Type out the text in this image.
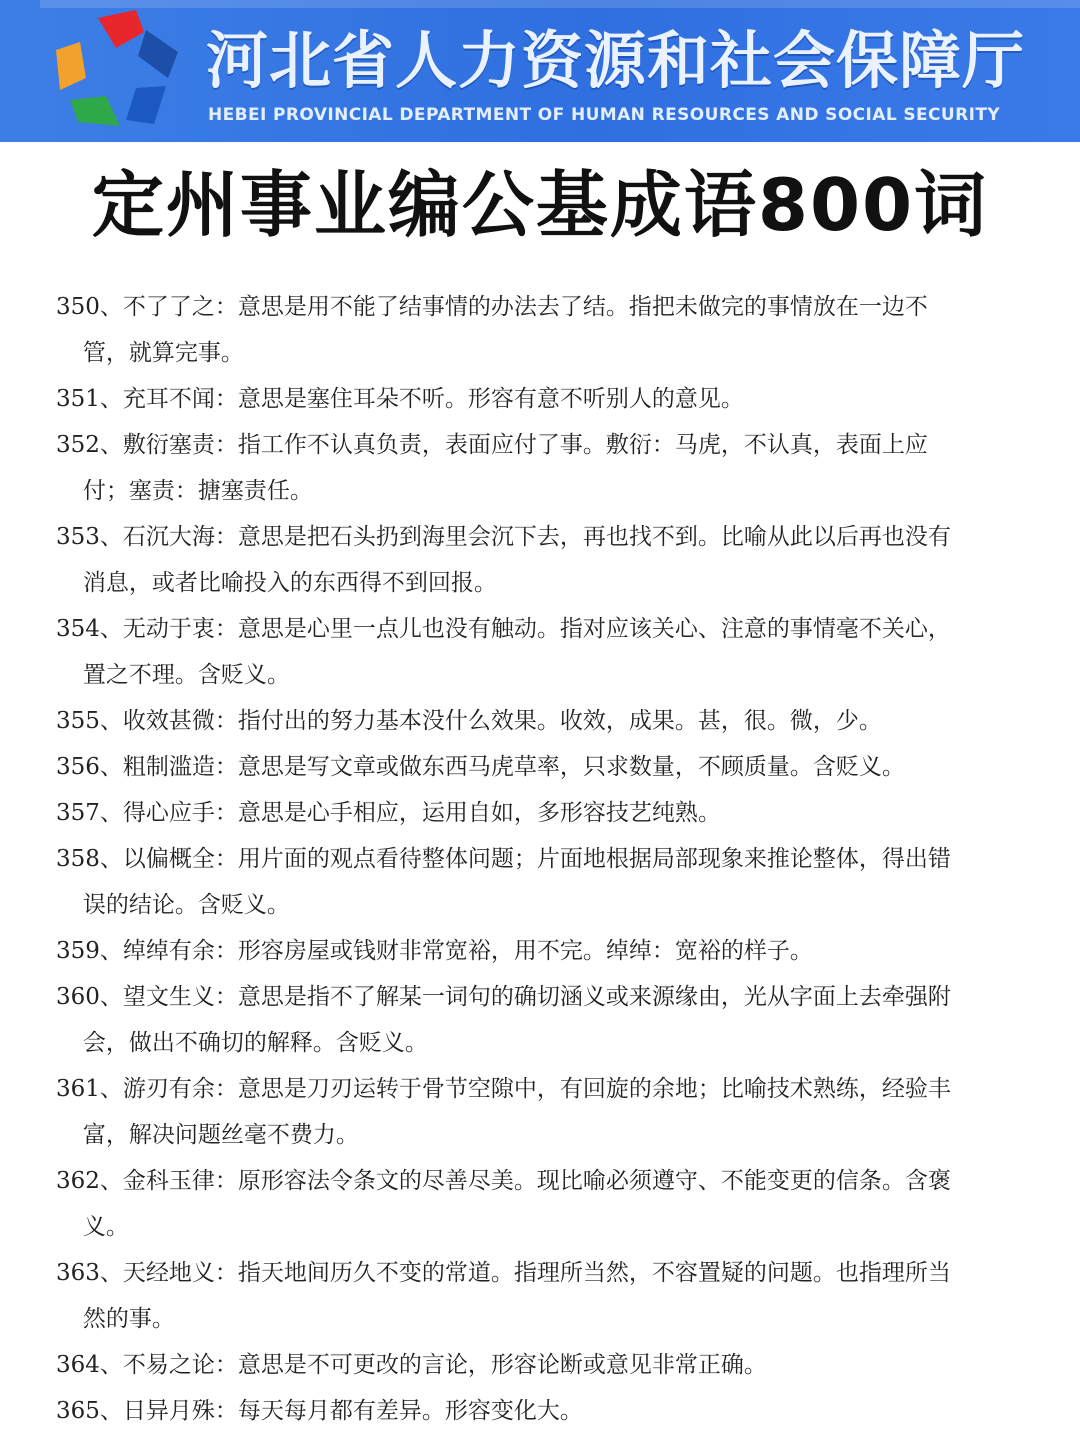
河北省人力资源和社会保障厅
HEBEI PROVINCIAL DEPARTMENT OF HUMAN RESOURCES AND SOCIAL SECURITY
定州事业编公基成语800词
350、 不了了之：意思是用不能了结事情的办法去了结。指把未做完的事情放在一边不
管，就算完事。
351、 充耳不闻：意思是塞住耳朵不听。形容有意不听别人的意见。
352、 敷衍塞责：指工作不认真负责，表面应付了事。敷衍：马虎，不认真，表面上应
付；塞责：搪塞责任。
353、 石沉大海：意思是把石头扔到海里会沉下去，再也找不到。比喻从此以后再也没有
消息，或者比喻投入的东西得不到回报。
354、 无动于衷：意思是心里一点儿也没有触动。指对应该关心、注意的事情毫不关心，
置之不理。含贬义。
355、 收效甚微：指付出的努力基本没什么效果。收效，成果。甚，很。微，少。
356、 粗制滥造：意思是写文章或做东西马虎草率，只求数量，不顾质量。含贬义。
357、 得心应手：意思是心手相应，运用自如，多形容技艺纯熟。
358、 以偏概全：用片面的观点看待整体问题；片面地根据局部现象来推论整体，得出错
误的结论。含贬义。
359、 绰绰有余：形容房屋或钱财非常宽裕，用不完。绰绰：宽裕的样子。
360、 望文生义：意思是指不了解某一词句的确切涵义或来源缘由，光从字面上去牵强附
会，做出不确切的解释。含贬义。
361、 游刃有余：意思是刀刃运转于骨节空隙中，有回旋的余地；比喻技术熟练，经验丰
富，解决问题丝毫不费力。
362、 金科玉律：原形容法令条文的尽善尽美。现比喻必须遵守、不能变更的信条。含褒
义。
363、 天经地义：指天地间历久不变的常道。指理所当然，不容置疑的问题。也指理所当
然的事。
364、 不易之论：意思是不可更改的言论，形容论断或意见非常正确。
365、 日异月殊：每天每月都有差异。形容变化大。
